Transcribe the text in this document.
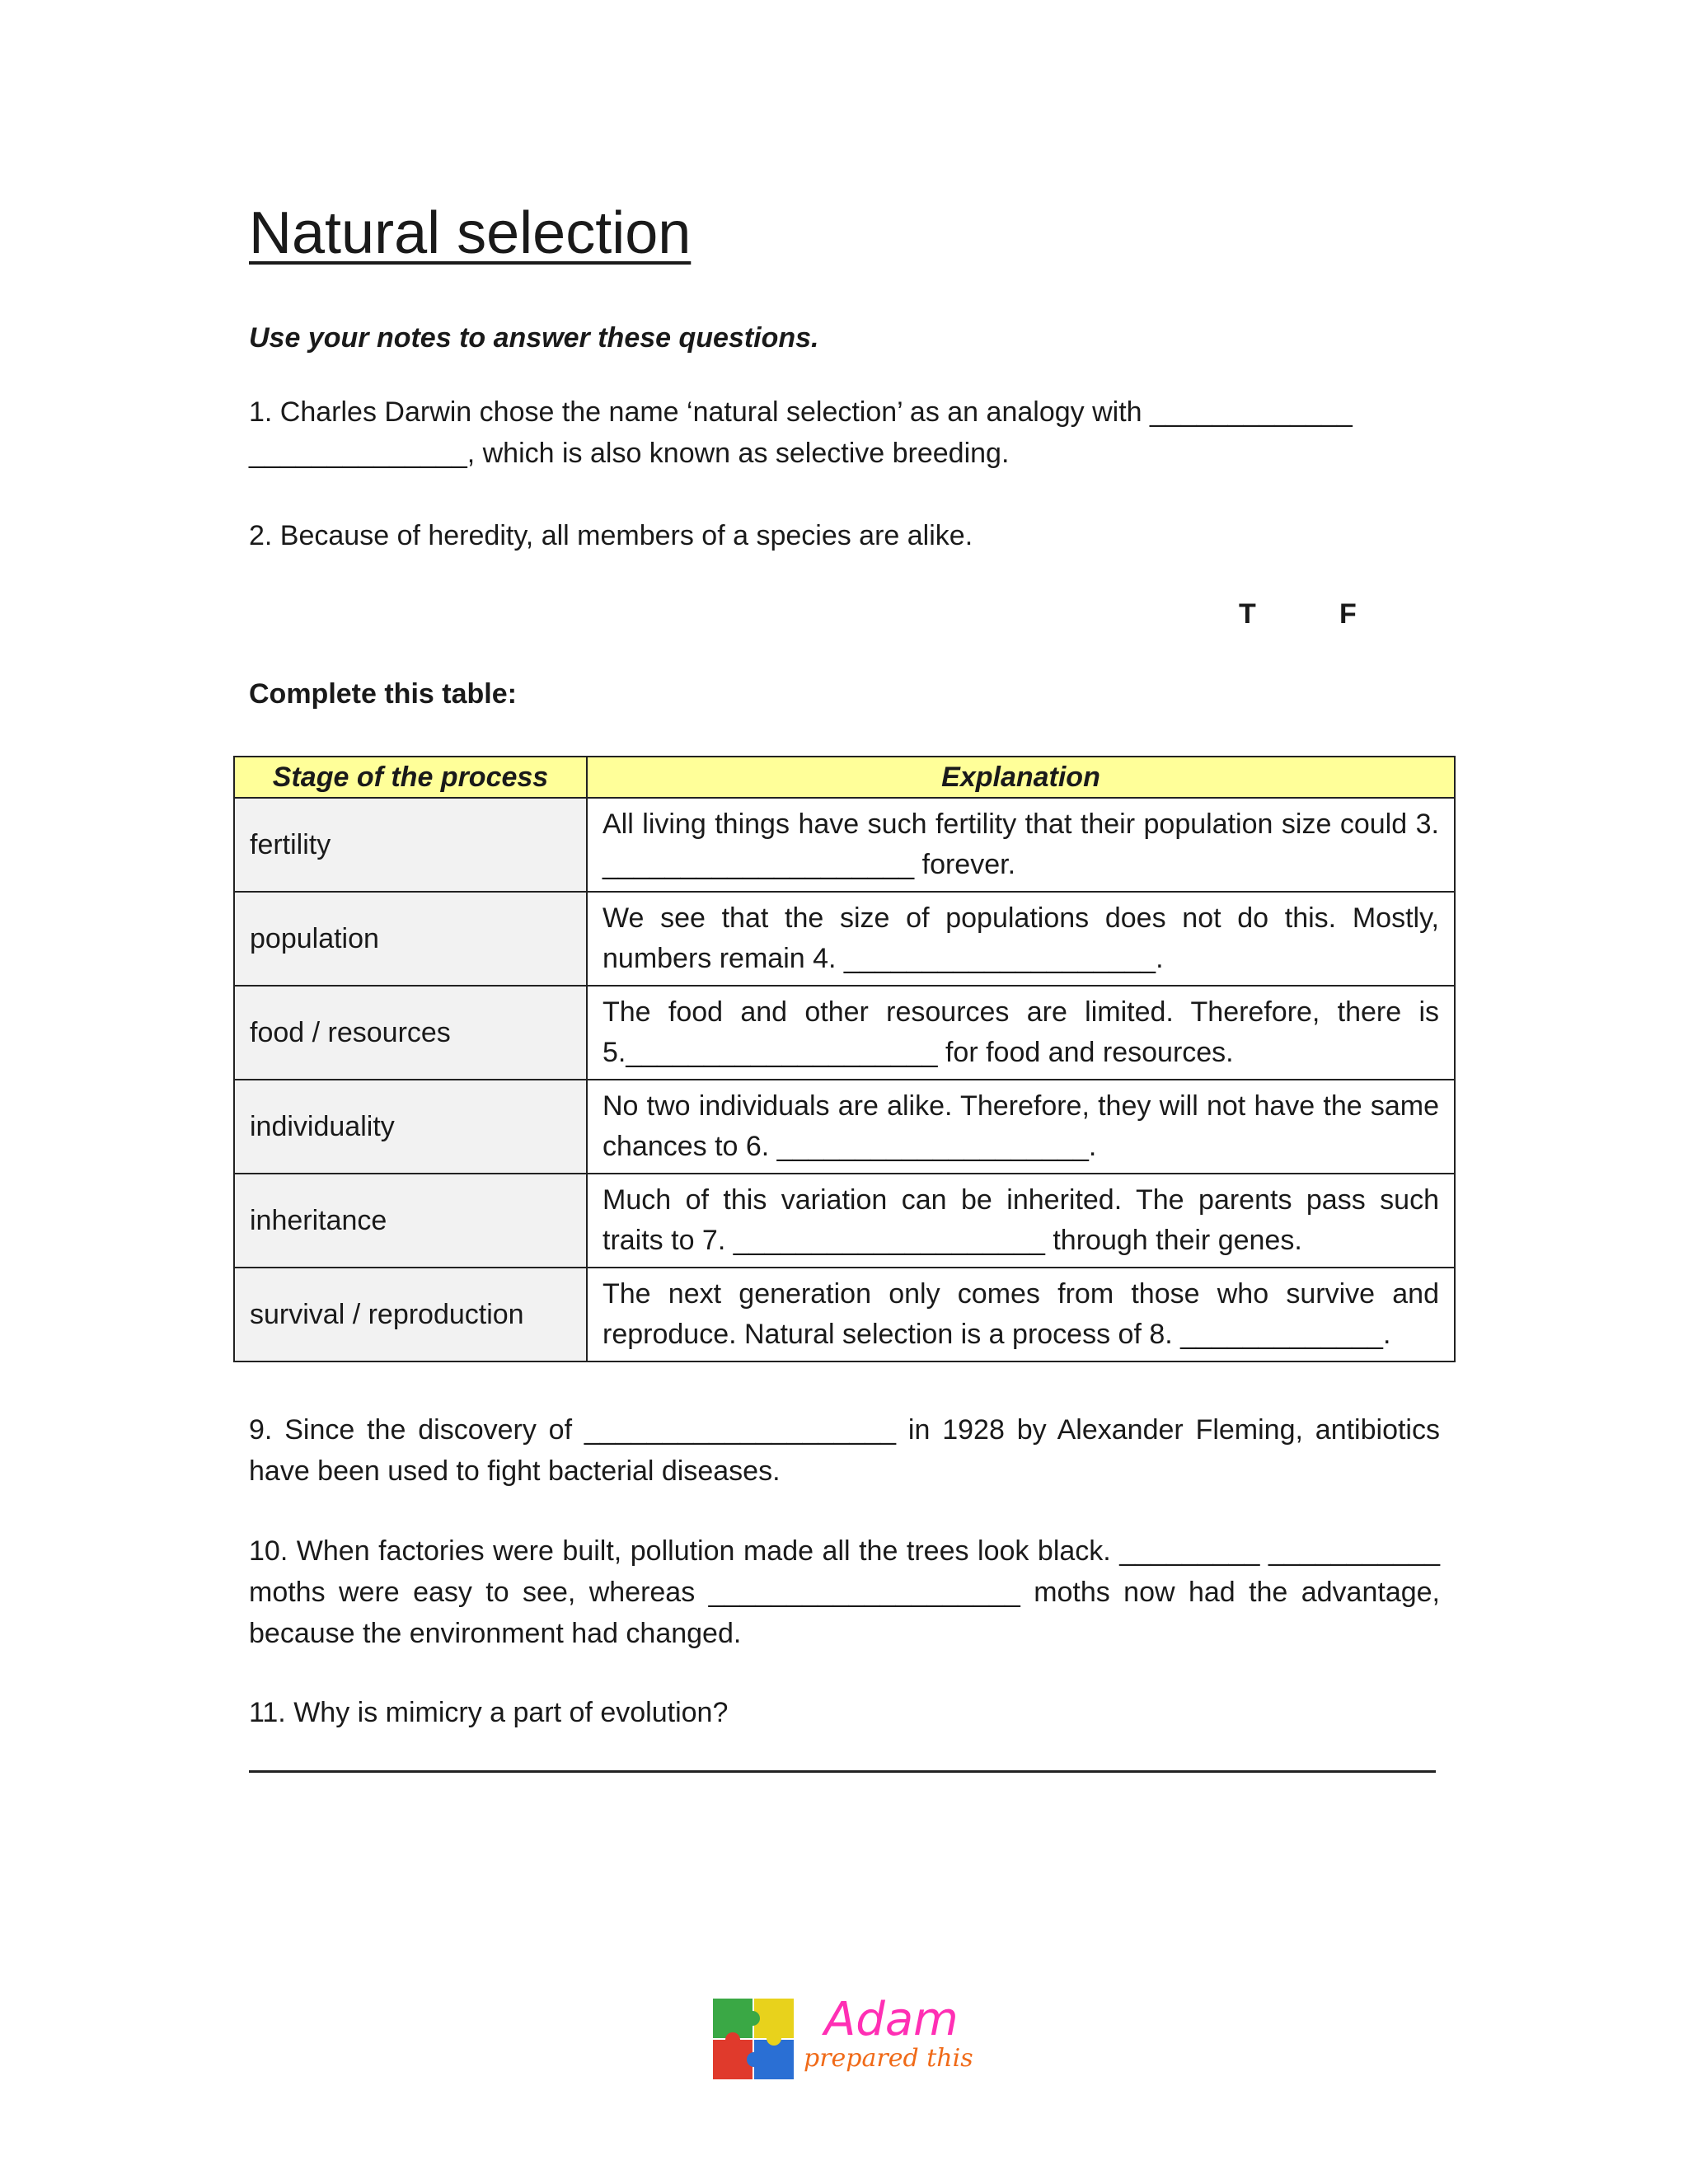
Natural selection
Use your notes to answer these questions.
1. Charles Darwin chose the name ‘natural selection’ as an analogy with _____________
______________, which is also known as selective breeding.
2. Because of heredity, all members of a species are alike.
T	F
Complete this table:
Stage of the process	Explanation
fertility	All living things have such fertility that their population size could 3. ____________________ forever.
population	We see that the size of populations does not do this. Mostly, numbers remain 4. ____________________.
food / resources	The food and other resources are limited. Therefore, there is 5.____________________ for food and resources.
individuality	No two individuals are alike. Therefore, they will not have the same chances to 6. ____________________.
inheritance	Much of this variation can be inherited. The parents pass such traits to 7. ____________________ through their genes.
survival / reproduction	The next generation only comes from those who survive and reproduce. Natural selection is a process of 8. _____________.
9. Since the discovery of ____________________ in 1928 by Alexander Fleming, antibiotics have been used to fight bacterial diseases.
10. When factories were built, pollution made all the trees look black. _________ ___________ moths were easy to see, whereas ____________________ moths now had the advantage, because the environment had changed.
11. Why is mimicry a part of evolution?
Adam
prepared this
